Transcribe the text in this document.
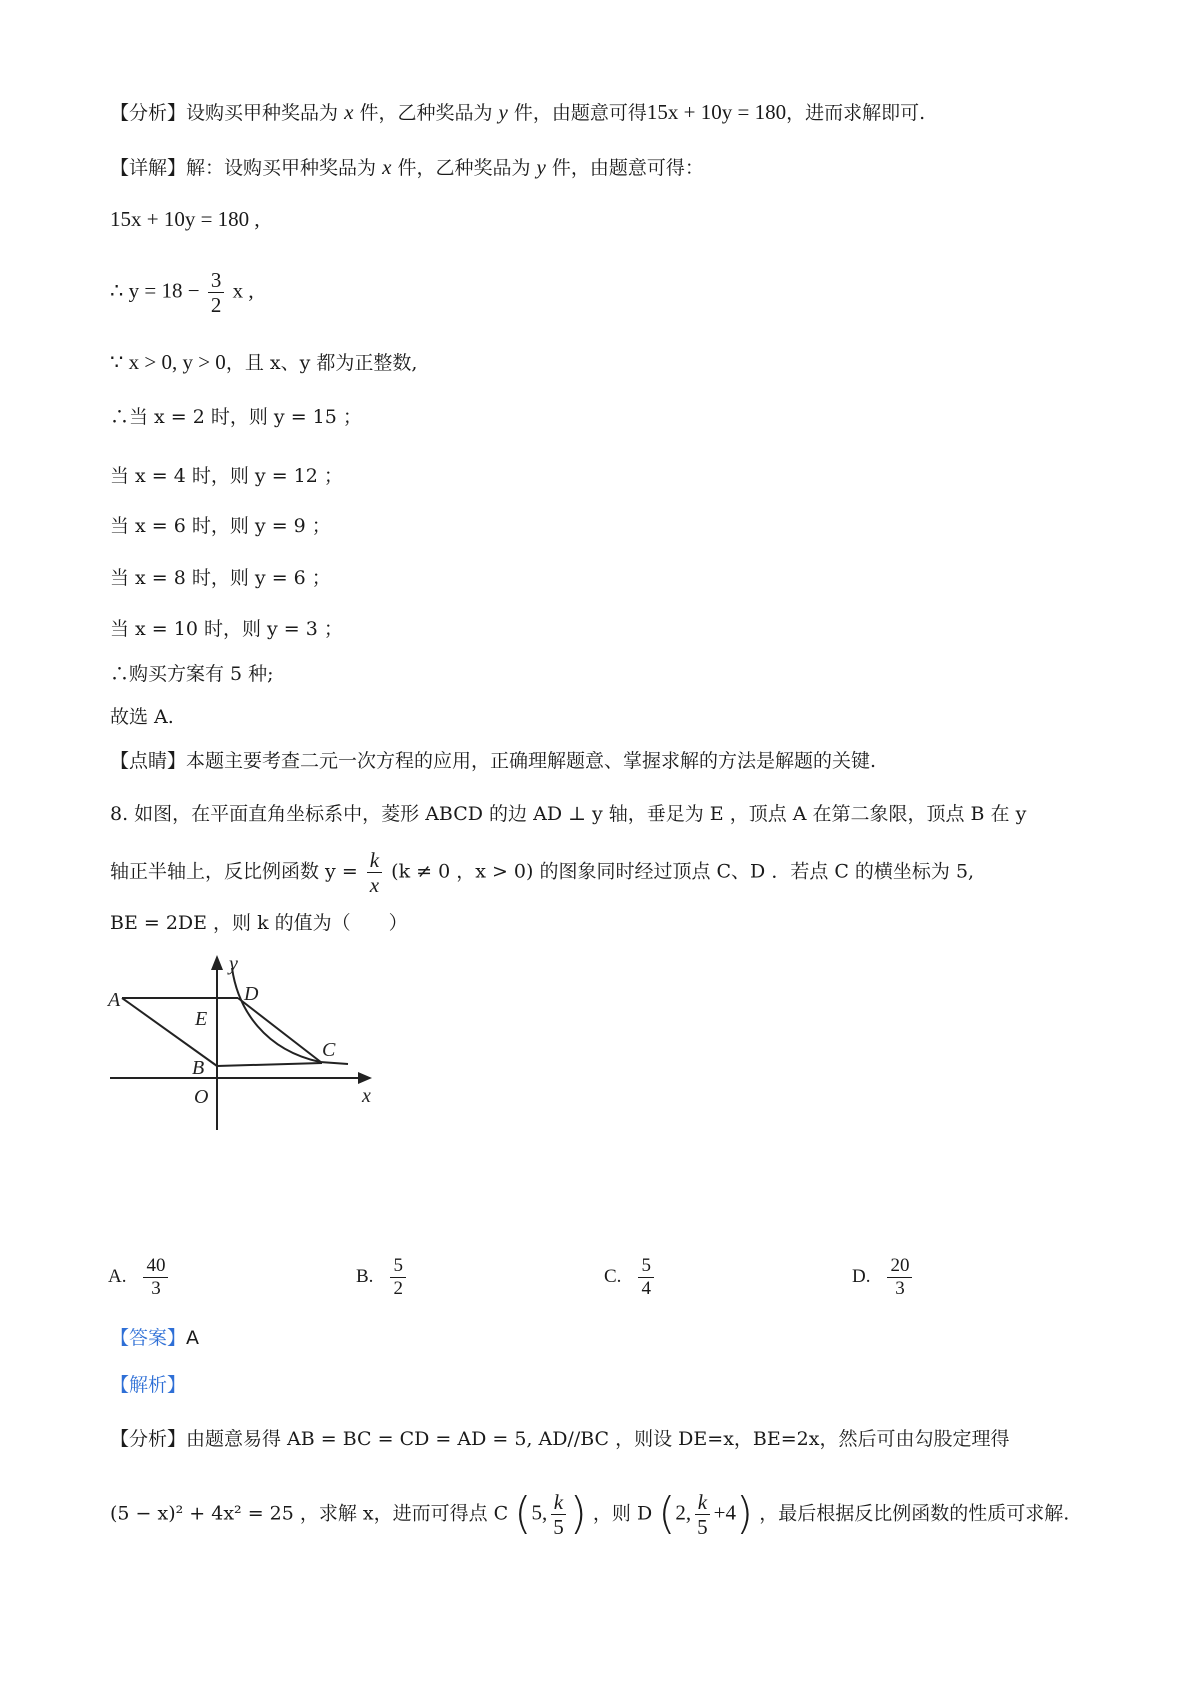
【分析】设购买甲种奖品为 x 件，乙种奖品为 y 件，由题意可得15x + 10y = 180，进而求解即可.
【详解】解：设购买甲种奖品为 x 件，乙种奖品为 y 件，由题意可得：
15x + 10y = 180 ,
∴ $y = 18 - \frac{3}{2}$ x ,
∵ x > 0, y > 0，且 x、y 都为正整数,
∴当 x = 2 时，则 y = 15 ；
当 x = 4 时，则 y = 12 ；
当 x = 6 时，则 y = 9 ；
当 x = 8 时，则 y = 6 ；
当 x = 10 时，则 y = 3 ；
∴购买方案有 5 种;
故选 A.
【点睛】本题主要考查二元一次方程的应用，正确理解题意、掌握求解的方法是解题的关键.
8. 如图，在平面直角坐标系中，菱形 ABCD 的边 AD ⊥ y 轴，垂足为 E ，顶点 A 在第二象限，顶点 B 在 y
轴正半轴上，反比例函数 $y = \frac{k}{x} (k \ne 0$ ，x > 0) 的图象同时经过顶点 C、D ．若点 C 的横坐标为 5,
BE = 2DE ，则 k 的值为（　　）
y
x
A	D
E
B
C
O
A. $\frac{40}{3}$	B. $\frac{5}{2}$	C. $\frac{5}{4}$	D. $\frac{20}{3}$
【答案】A
【解析】
【分析】由题意易得 AB = BC = CD = AD = 5, AD//BC ，则设 DE=x，BE=2x，然后可由勾股定理得
(5 − x)² + 4x² = 25 ，求解 x，进而可得点 C (5, $\frac{k}{5}$ ) ，则 D (2, $\frac{k}{5} +4$) ，最后根据反比例函数的性质可求解.
